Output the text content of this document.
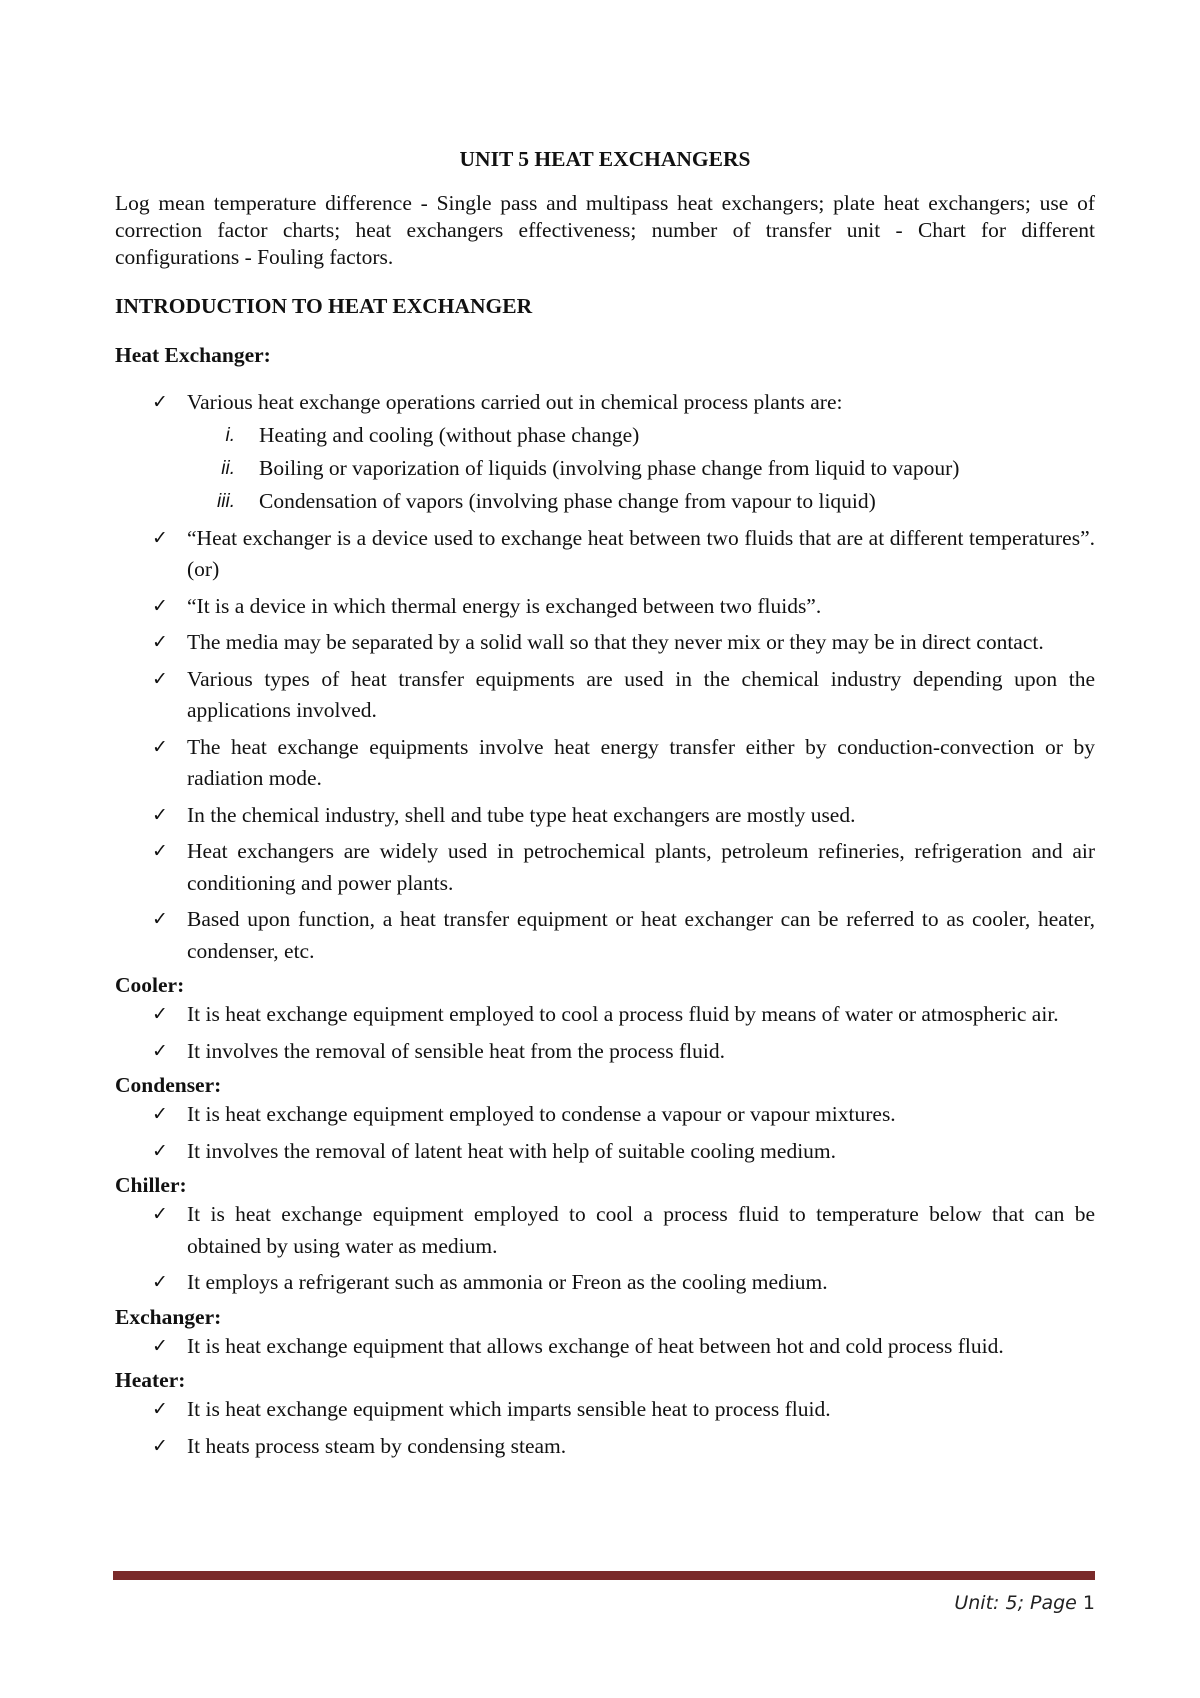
UNIT 5 HEAT EXCHANGERS
Log mean temperature difference - Single pass and multipass heat exchangers; plate heat exchangers; use of correction factor charts; heat exchangers effectiveness; number of transfer unit - Chart for different configurations - Fouling factors.
INTRODUCTION TO HEAT EXCHANGER
Heat Exchanger:
✓ Various heat exchange operations carried out in chemical process plants are:
i. Heating and cooling (without phase change)
ii. Boiling or vaporization of liquids (involving phase change from liquid to vapour)
iii. Condensation of vapors (involving phase change from vapour to liquid)
✓ “Heat exchanger is a device used to exchange heat between two fluids that are at different temperatures”. (or)
✓ “It is a device in which thermal energy is exchanged between two fluids”.
✓ The media may be separated by a solid wall so that they never mix or they may be in direct contact.
✓ Various types of heat transfer equipments are used in the chemical industry depending upon the applications involved.
✓ The heat exchange equipments involve heat energy transfer either by conduction-convection or by radiation mode.
✓ In the chemical industry, shell and tube type heat exchangers are mostly used.
✓ Heat exchangers are widely used in petrochemical plants, petroleum refineries, refrigeration and air conditioning and power plants.
✓ Based upon function, a heat transfer equipment or heat exchanger can be referred to as cooler, heater, condenser, etc.
Cooler:
✓ It is heat exchange equipment employed to cool a process fluid by means of water or atmospheric air.
✓ It involves the removal of sensible heat from the process fluid.
Condenser:
✓ It is heat exchange equipment employed to condense a vapour or vapour mixtures.
✓ It involves the removal of latent heat with help of suitable cooling medium.
Chiller:
✓ It is heat exchange equipment employed to cool a process fluid to temperature below that can be obtained by using water as medium.
✓ It employs a refrigerant such as ammonia or Freon as the cooling medium.
Exchanger:
✓ It is heat exchange equipment that allows exchange of heat between hot and cold process fluid.
Heater:
✓ It is heat exchange equipment which imparts sensible heat to process fluid.
✓ It heats process steam by condensing steam.
Unit: 5; Page 1
